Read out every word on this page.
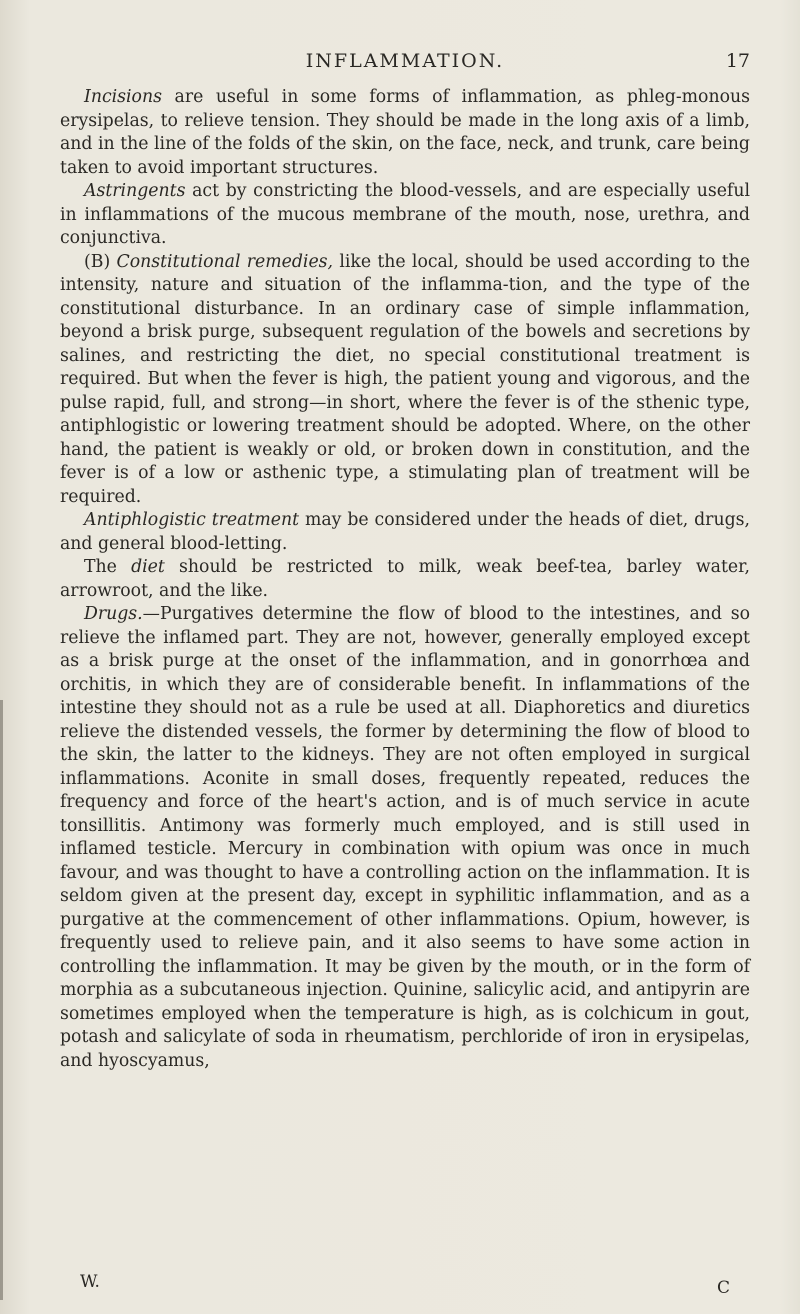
INFLAMMATION.	17

Incisions are useful in some forms of inflammation, as phleg-monous erysipelas, to relieve tension. They should be made in the long axis of a limb, and in the line of the folds of the skin, on the face, neck, and trunk, care being taken to avoid important structures.

Astringents act by constricting the blood-vessels, and are especially useful in inflammations of the mucous membrane of the mouth, nose, urethra, and conjunctiva.

(B) Constitutional remedies, like the local, should be used according to the intensity, nature and situation of the inflamma-tion, and the type of the constitutional disturbance. In an ordinary case of simple inflammation, beyond a brisk purge, subsequent regulation of the bowels and secretions by salines, and restricting the diet, no special constitutional treatment is required. But when the fever is high, the patient young and vigorous, and the pulse rapid, full, and strong—in short, where the fever is of the sthenic type, antiphlogistic or lowering treatment should be adopted. Where, on the other hand, the patient is weakly or old, or broken down in constitution, and the fever is of a low or asthenic type, a stimulating plan of treatment will be required.

Antiphlogistic treatment may be considered under the heads of diet, drugs, and general blood-letting.

The diet should be restricted to milk, weak beef-tea, barley water, arrowroot, and the like.

Drugs.—Purgatives determine the flow of blood to the intestines, and so relieve the inflamed part. They are not, however, generally employed except as a brisk purge at the onset of the inflammation, and in gonorrhœa and orchitis, in which they are of considerable benefit. In inflammations of the intestine they should not as a rule be used at all. Diaphoretics and diuretics relieve the distended vessels, the former by determining the flow of blood to the skin, the latter to the kidneys. They are not often employed in surgical inflammations. Aconite in small doses, frequently repeated, reduces the frequency and force of the heart's action, and is of much service in acute tonsillitis. Antimony was formerly much employed, and is still used in inflamed testicle. Mercury in combination with opium was once in much favour, and was thought to have a controlling action on the inflammation. It is seldom given at the present day, except in syphilitic inflammation, and as a purgative at the commencement of other inflammations. Opium, however, is frequently used to relieve pain, and it also seems to have some action in controlling the inflammation. It may be given by the mouth, or in the form of morphia as a subcutaneous injection. Quinine, salicylic acid, and antipyrin are sometimes employed when the temperature is high, as is colchicum in gout, potash and salicylate of soda in rheumatism, perchloride of iron in erysipelas, and hyoscyamus,

W.	C
